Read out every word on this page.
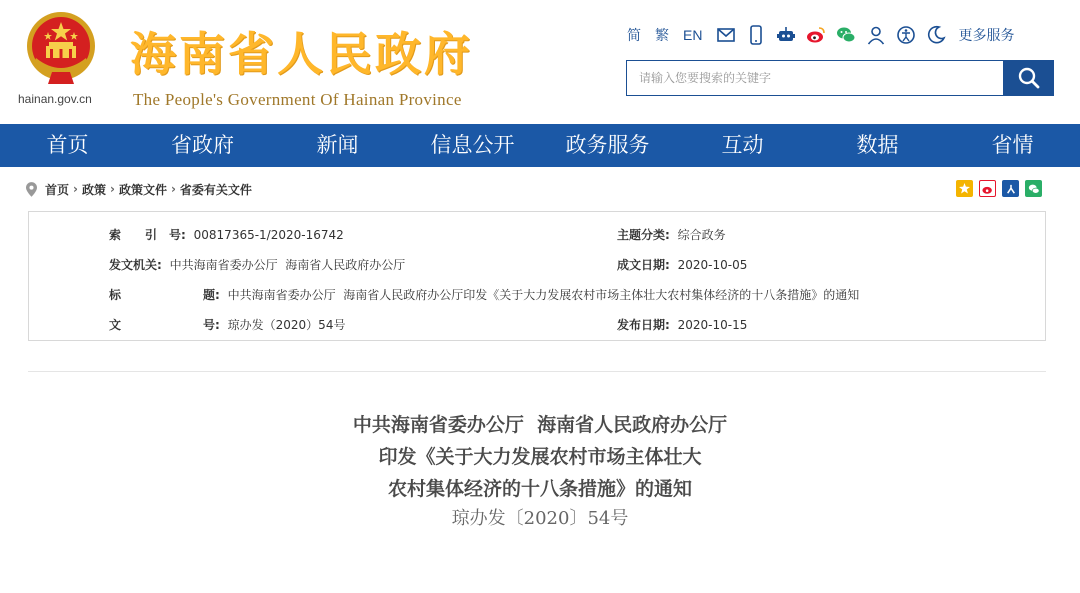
hainan.gov.cn
海南省人民政府
The People's Government Of Hainan Province
简 繁 EN	更多服务
请输入您要搜索的关键字
首页	省政府	新闻	信息公开	政务服务	互动	数据	省情
首页 › 政策 › 政策文件 › 省委有关文件
索　　引　号: 00817365-1/2020-16742	主题分类: 综合政务
发文机关: 中共海南省委办公厅  海南省人民政府办公厅	成文日期: 2020-10-05
标	题: 中共海南省委办公厅  海南省人民政府办公厅印发《关于大力发展农村市场主体壮大农村集体经济的十八条措施》的通知
文	号: 琼办发（2020）54号	发布日期: 2020-10-15
中共海南省委办公厅  海南省人民政府办公厅
印发《关于大力发展农村市场主体壮大
农村集体经济的十八条措施》的通知
琼办发〔2020〕54号
